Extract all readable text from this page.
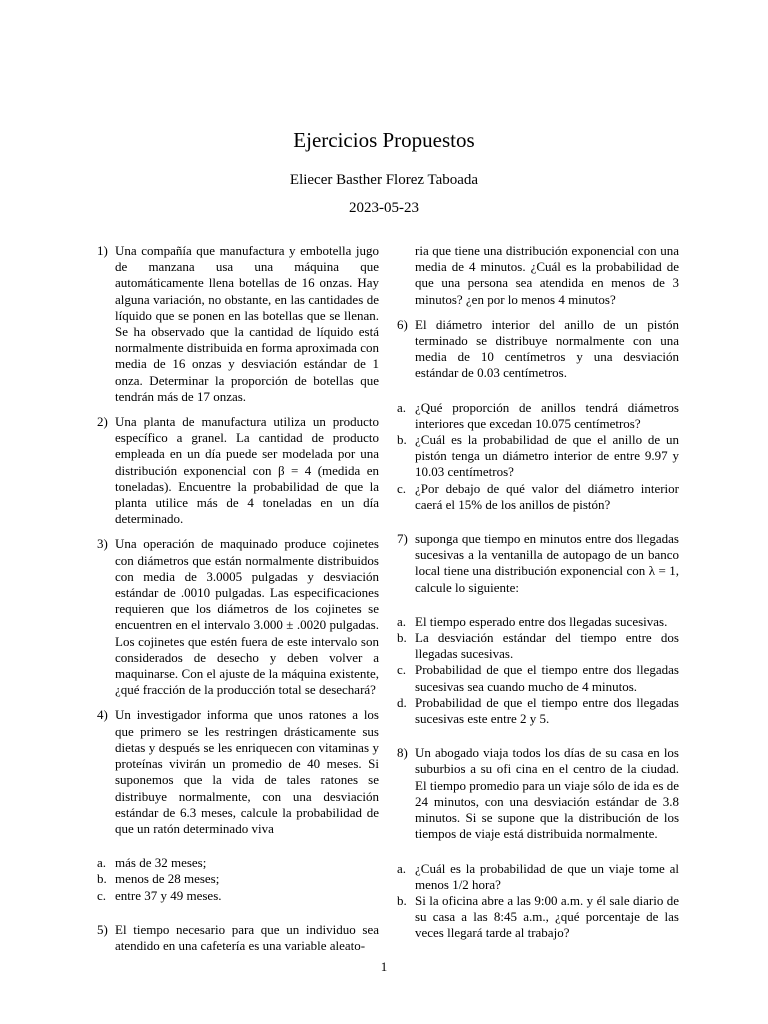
Ejercicios Propuestos
Eliecer Basther Florez Taboada
2023-05-23
1) Una compañía que manufactura y embotella jugo de manzana usa una máquina que automáticamente llena botellas de 16 onzas. Hay alguna variación, no obstante, en las cantidades de líquido que se ponen en las botellas que se llenan. Se ha observado que la cantidad de líquido está normalmente distribuida en forma aproximada con media de 16 onzas y desviación estándar de 1 onza. Determinar la proporción de botellas que tendrán más de 17 onzas.
2) Una planta de manufactura utiliza un producto específico a granel. La cantidad de producto empleada en un día puede ser modelada por una distribución exponencial con β = 4 (medida en toneladas). Encuentre la probabilidad de que la planta utilice más de 4 toneladas en un día determinado.
3) Una operación de maquinado produce cojinetes con diámetros que están normalmente distribuidos con media de 3.0005 pulgadas y desviación estándar de .0010 pulgadas. Las especificaciones requieren que los diámetros de los cojinetes se encuentren en el intervalo 3.000 ± .0020 pulgadas. Los cojinetes que estén fuera de este intervalo son considerados de desecho y deben volver a maquinarse. Con el ajuste de la máquina existente, ¿qué fracción de la producción total se desechará?
4) Un investigador informa que unos ratones a los que primero se les restringen drásticamente sus dietas y después se les enriquecen con vitaminas y proteínas vivirán un promedio de 40 meses. Si suponemos que la vida de tales ratones se distribuye normalmente, con una desviación estándar de 6.3 meses, calcule la probabilidad de que un ratón determinado viva
a. más de 32 meses;
b. menos de 28 meses;
c. entre 37 y 49 meses.
5) El tiempo necesario para que un individuo sea atendido en una cafetería es una variable aleato-
ria que tiene una distribución exponencial con una media de 4 minutos. ¿Cuál es la probabilidad de que una persona sea atendida en menos de 3 minutos? ¿en por lo menos 4 minutos?
6) El diámetro interior del anillo de un pistón terminado se distribuye normalmente con una media de 10 centímetros y una desviación estándar de 0.03 centímetros.
a. ¿Qué proporción de anillos tendrá diámetros interiores que excedan 10.075 centímetros?
b. ¿Cuál es la probabilidad de que el anillo de un pistón tenga un diámetro interior de entre 9.97 y 10.03 centímetros?
c. ¿Por debajo de qué valor del diámetro interior caerá el 15% de los anillos de pistón?
7) suponga que tiempo en minutos entre dos llegadas sucesivas a la ventanilla de autopago de un banco local tiene una distribución exponencial con λ = 1, calcule lo siguiente:
a. El tiempo esperado entre dos llegadas sucesivas.
b. La desviación estándar del tiempo entre dos llegadas sucesivas.
c. Probabilidad de que el tiempo entre dos llegadas sucesivas sea cuando mucho de 4 minutos.
d. Probabilidad de que el tiempo entre dos llegadas sucesivas este entre 2 y 5.
8) Un abogado viaja todos los días de su casa en los suburbios a su ofi cina en el centro de la ciudad. El tiempo promedio para un viaje sólo de ida es de 24 minutos, con una desviación estándar de 3.8 minutos. Si se supone que la distribución de los tiempos de viaje está distribuida normalmente.
a. ¿Cuál es la probabilidad de que un viaje tome al menos 1/2 hora?
b. Si la oficina abre a las 9:00 a.m. y él sale diario de su casa a las 8:45 a.m., ¿qué porcentaje de las veces llegará tarde al trabajo?
1
